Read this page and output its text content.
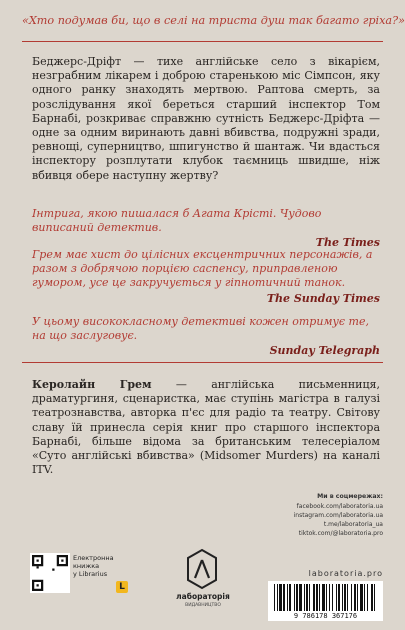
«Хто подумав би, що в селі на триста душ так багато гріха?»

Беджерс-Дріфт — тихе англійське село з вікарієм, незграбним лікарем і доброю старенькою міс Сімпсон, яку одного ранку знаходять мертвою. Раптова смерть, за розслідування якої береться старший інспектор Том Барнабі, розкриває справжню сутність Беджерс-Дріфта — одне за одним виринають давні вбивства, подружні зради, ревнощі, суперництво, шпигунство й шантаж. Чи вдасться інспектору розплутати клубок таємниць швидше, ніж вбивця обере наступну жертву?

Інтрига, якою пишалася б Агата Крісті. Чудово виписаний детектив.
The Times

Грем має хист до цілісних ексцентричних персонажів, а разом з добрячою порцією саспенсу, приправленою гумором, усе це закручується у гіпнотичний танок.
The Sunday Times

У цьому висококласному детективі кожен отримує те, на що заслуговує.
Sunday Telegraph

Керолайн Грем — англійська письменниця, драматургиня, сценаристка, має ступінь магістра в галузі театрознавства, авторка п'єс для радіо та театру. Світову славу їй принесла серія книг про старшого інспектора Барнабі, більше відома за британським телесеріалом «Суто англійські вбивства» (Midsomer Murders) на каналі ITV.

Ми в соцмережах:
facebook.com/laboratoria.ua
instagram.com/laboratoria.ua
t.me/laboratoria_ua
tiktok.com/@laboratoria.pro
laboratoria.pro
9 786178 367176
Електронна
книжка
у Librarius
L
лабораторія
ВИДАВНИЦТВО
